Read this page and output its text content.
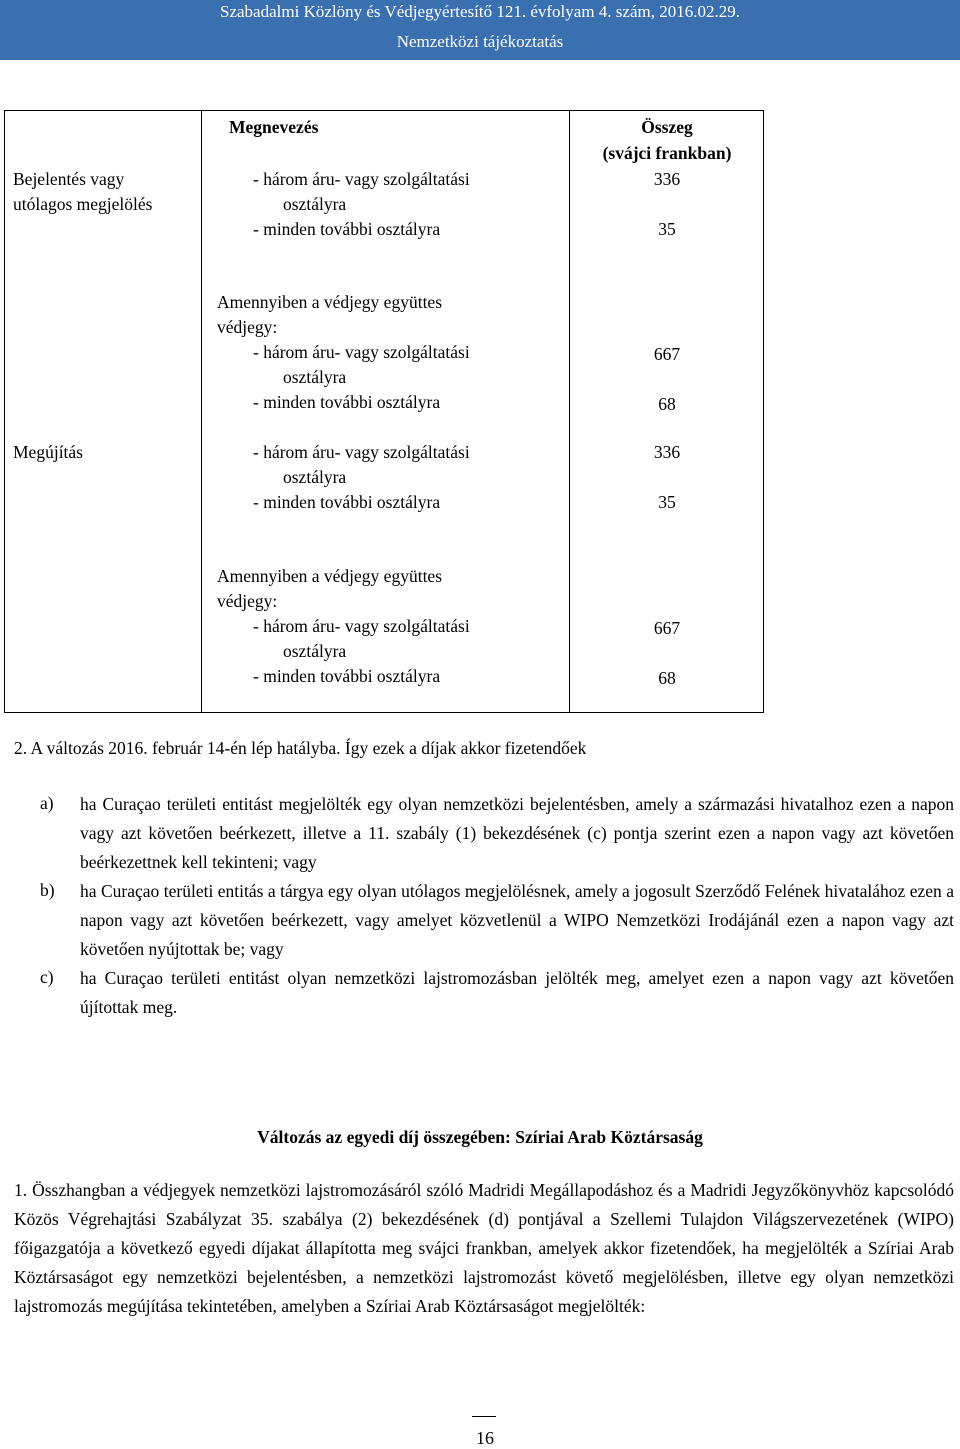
Szabadalmi Közlöny és Védjegyértesítő 121. évfolyam 4. szám, 2016.02.29.
Nemzetközi tájékoztatás
Megnevezés	Összeg
(svájci frankban)
Bejelentés vagy
utólagos megjelölés
- három áru- vagy szolgáltatási
osztályra
- minden további osztályra
336
35
Amennyiben a védjegy együttes
védjegy:
- három áru- vagy szolgáltatási
osztályra
- minden további osztályra
667
68
Megújítás	- három áru- vagy szolgáltatási
osztályra
- minden további osztályra
336
35
Amennyiben a védjegy együttes
védjegy:
- három áru- vagy szolgáltatási
osztályra
- minden további osztályra
667
68
2. A változás 2016. február 14-én lép hatályba. Így ezek a díjak akkor fizetendőek
a) ha Curaçao területi entitást megjelölték egy olyan nemzetközi bejelentésben, amely a származási hivatalhoz ezen a napon vagy azt követően beérkezett, illetve a 11. szabály (1) bekezdésének (c) pontja szerint ezen a napon vagy azt követően beérkezettnek kell tekinteni; vagy
b) ha Curaçao területi entitás a tárgya egy olyan utólagos megjelölésnek, amely a jogosult Szerződő Felének hivatalához ezen a napon vagy azt követően beérkezett, vagy amelyet közvetlenül a WIPO Nemzetközi Irodájánál ezen a napon vagy azt követően nyújtottak be; vagy
c) ha Curaçao területi entitást olyan nemzetközi lajstromozásban jelölték meg, amelyet ezen a napon vagy azt követően újítottak meg.
Változás az egyedi díj összegében: Szíriai Arab Köztársaság
1. Összhangban a védjegyek nemzetközi lajstromozásáról szóló Madridi Megállapodáshoz és a Madridi Jegyzőkönyvhöz kapcsolódó Közös Végrehajtási Szabályzat 35. szabálya (2) bekezdésének (d) pontjával a Szellemi Tulajdon Világszervezetének (WIPO) főigazgatója a következő egyedi díjakat állapította meg svájci frankban, amelyek akkor fizetendőek, ha megjelölték a Szíriai Arab Köztársaságot egy nemzetközi bejelentésben, a nemzetközi lajstromozást követő megjelölésben, illetve egy olyan nemzetközi lajstromozás megújítása tekintetében, amelyben a Szíriai Arab Köztársaságot megjelölték:
16
